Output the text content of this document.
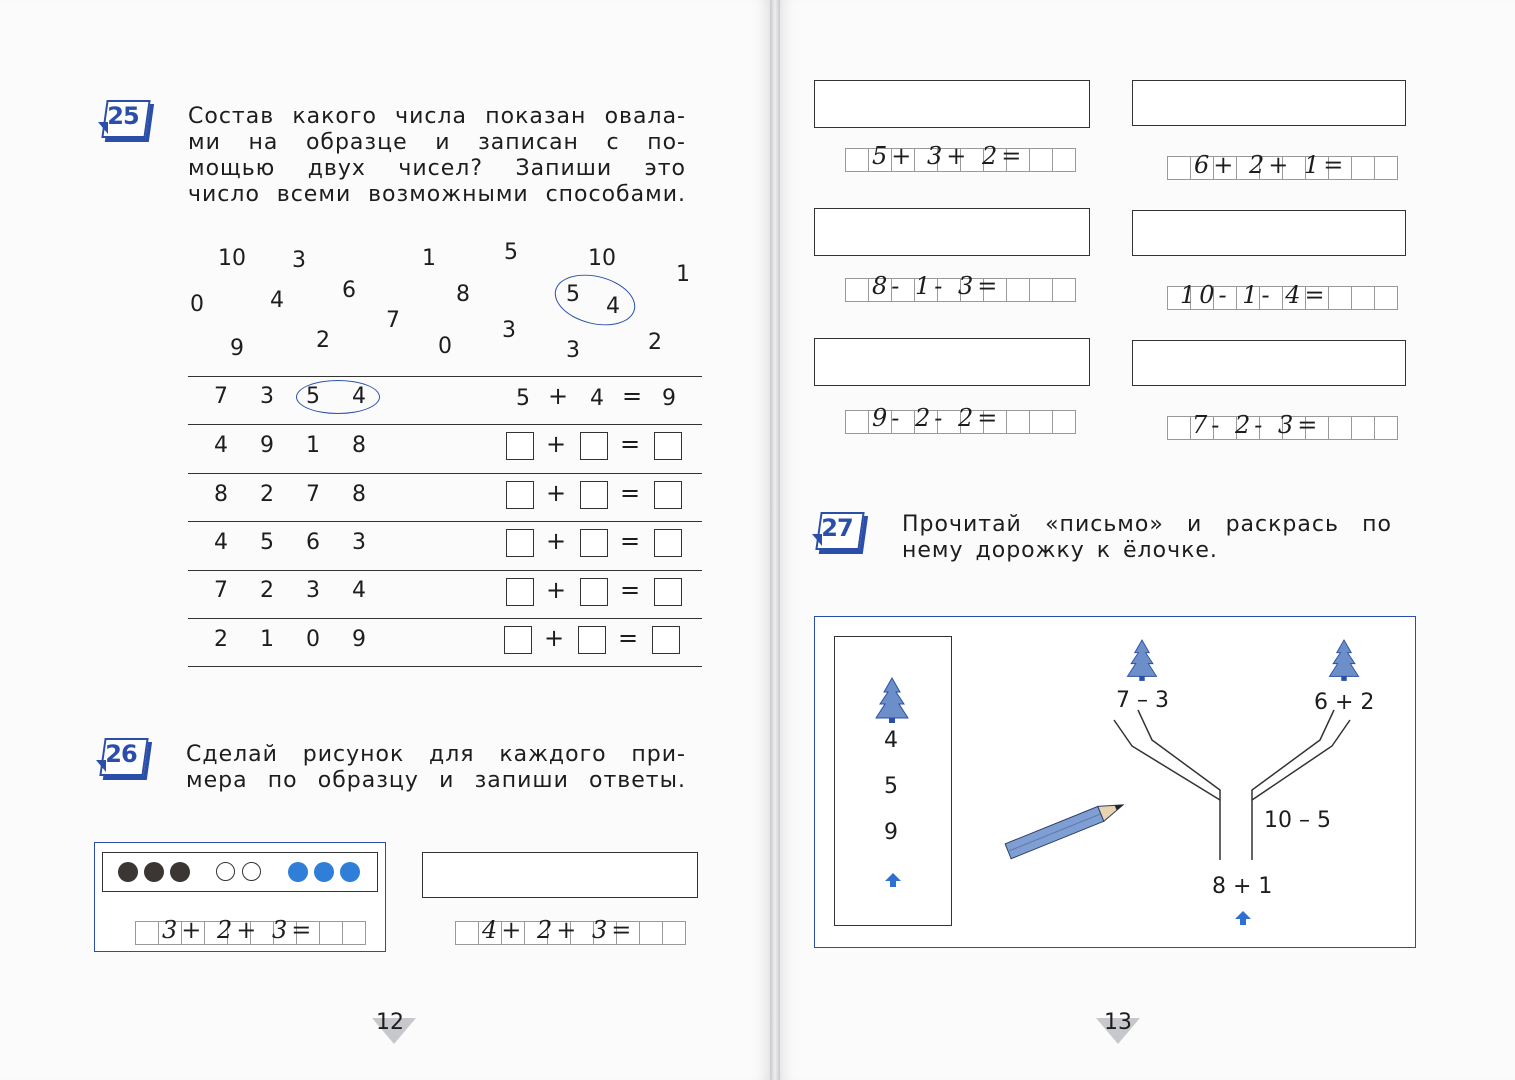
25	Состав какого числа показан овала-
ми на образце и записан с по-
мощью двух чисел? Запиши это
число всеми возможными способами.
10 3	1	5	10
1
0	4	6	8	5 4
7	3
9	2	0	3	2
7 3 5 4	5 + 4 = 9
4 9 1 8	+ =
8 2 7 8	+ =
4 5 6 3	+ =
7 2 3 4	+ =
2 1 0 9	+ =
26	Сделай рисунок для каждого при-
мера по образцу и запиши ответы.
3+ 2+ 3=	4+ 2+ 3=
12
5+ 3+ 2=	6+ 2+ 1=
8- 1- 3=	10- 1- 4=
9- 2- 2=	7- 2- 3=
27	Прочитай «письмо» и раскрась по
нему дорожку к ёлочке.
4
5
9
7 – 3	6 + 2
10 – 5
8 + 1
13
